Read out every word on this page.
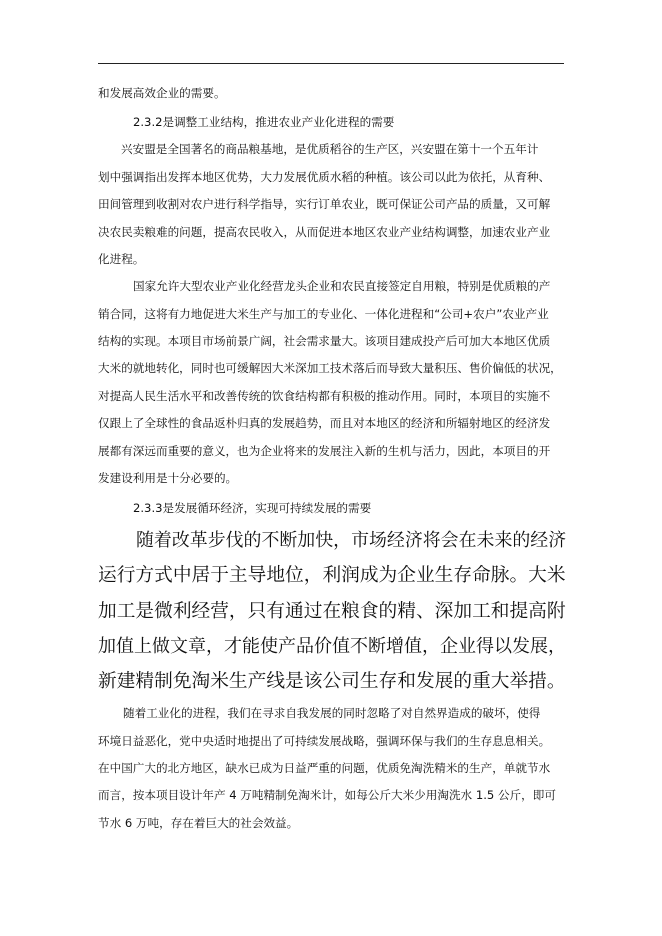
和发展高效企业的需要。
2.3.2是调整工业结构，推进农业产业化进程的需要
兴安盟是全国著名的商品粮基地，是优质稻谷的生产区，兴安盟在第十一个五年计
划中强调指出发挥本地区优势，大力发展优质水稻的种植。该公司以此为依托，从育种、
田间管理到收割对农户进行科学指导，实行订单农业，既可保证公司产品的质量，又可解
决农民卖粮难的问题，提高农民收入，从而促进本地区农业产业结构调整，加速农业产业
化进程。
国家允许大型农业产业化经营龙头企业和农民直接签定自用粮，特别是优质粮的产
销合同，这将有力地促进大米生产与加工的专业化、一体化进程和“公司+农户”农业产业
结构的实现。本项目市场前景广阔，社会需求量大。该项目建成投产后可加大本地区优质
大米的就地转化，同时也可缓解因大米深加工技术落后而导致大量积压、售价偏低的状况，
对提高人民生活水平和改善传统的饮食结构都有积极的推动作用。同时，本项目的实施不
仅跟上了全球性的食品返朴归真的发展趋势，而且对本地区的经济和所辐射地区的经济发
展都有深远而重要的意义，也为企业将来的发展注入新的生机与活力，因此，本项目的开
发建设利用是十分必要的。
2.3.3是发展循环经济，实现可持续发展的需要
随着改革步伐的不断加快，市场经济将会在未来的经济
运行方式中居于主导地位，利润成为企业生存命脉。大米
加工是微利经营，只有通过在粮食的精、深加工和提高附
加值上做文章，才能使产品价值不断增值，企业得以发展，
新建精制免淘米生产线是该公司生存和发展的重大举措。
随着工业化的进程，我们在寻求自我发展的同时忽略了对自然界造成的破坏，使得
环境日益恶化，党中央适时地提出了可持续发展战略，强调环保与我们的生存息息相关。
在中国广大的北方地区，缺水已成为日益严重的问题，优质免淘洗精米的生产，单就节水
而言，按本项目设计年产 4 万吨精制免淘米计，如每公斤大米少用淘洗水 1.5 公斤，即可
节水 6 万吨，存在着巨大的社会效益。
